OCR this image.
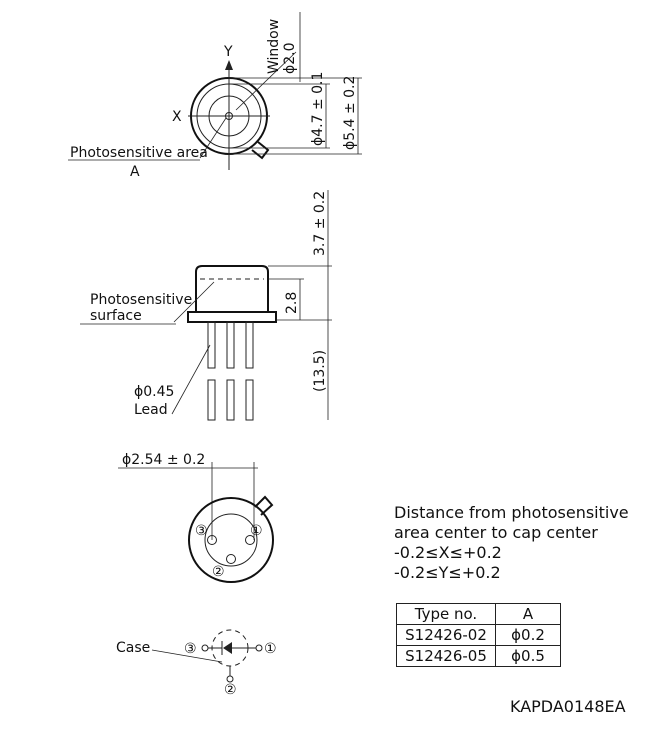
Y
X
Window ϕ2.0
ϕ4.7 ± 0.1 ϕ5.4 ± 0.2
Photosensitive area
A
3.7 ± 0.2
2.8
(13.5)
Photosensitive
surface
ϕ0.45
Lead
ϕ2.54 ± 0.2
③	①
②
Case ③	①
②
Distance from photosensitive
area center to cap center
-0.2≤X≤+0.2
-0.2≤Y≤+0.2
KAPDA0148EA
Type no.	A
S12426-02	ϕ0.2
S12426-05	ϕ0.5
